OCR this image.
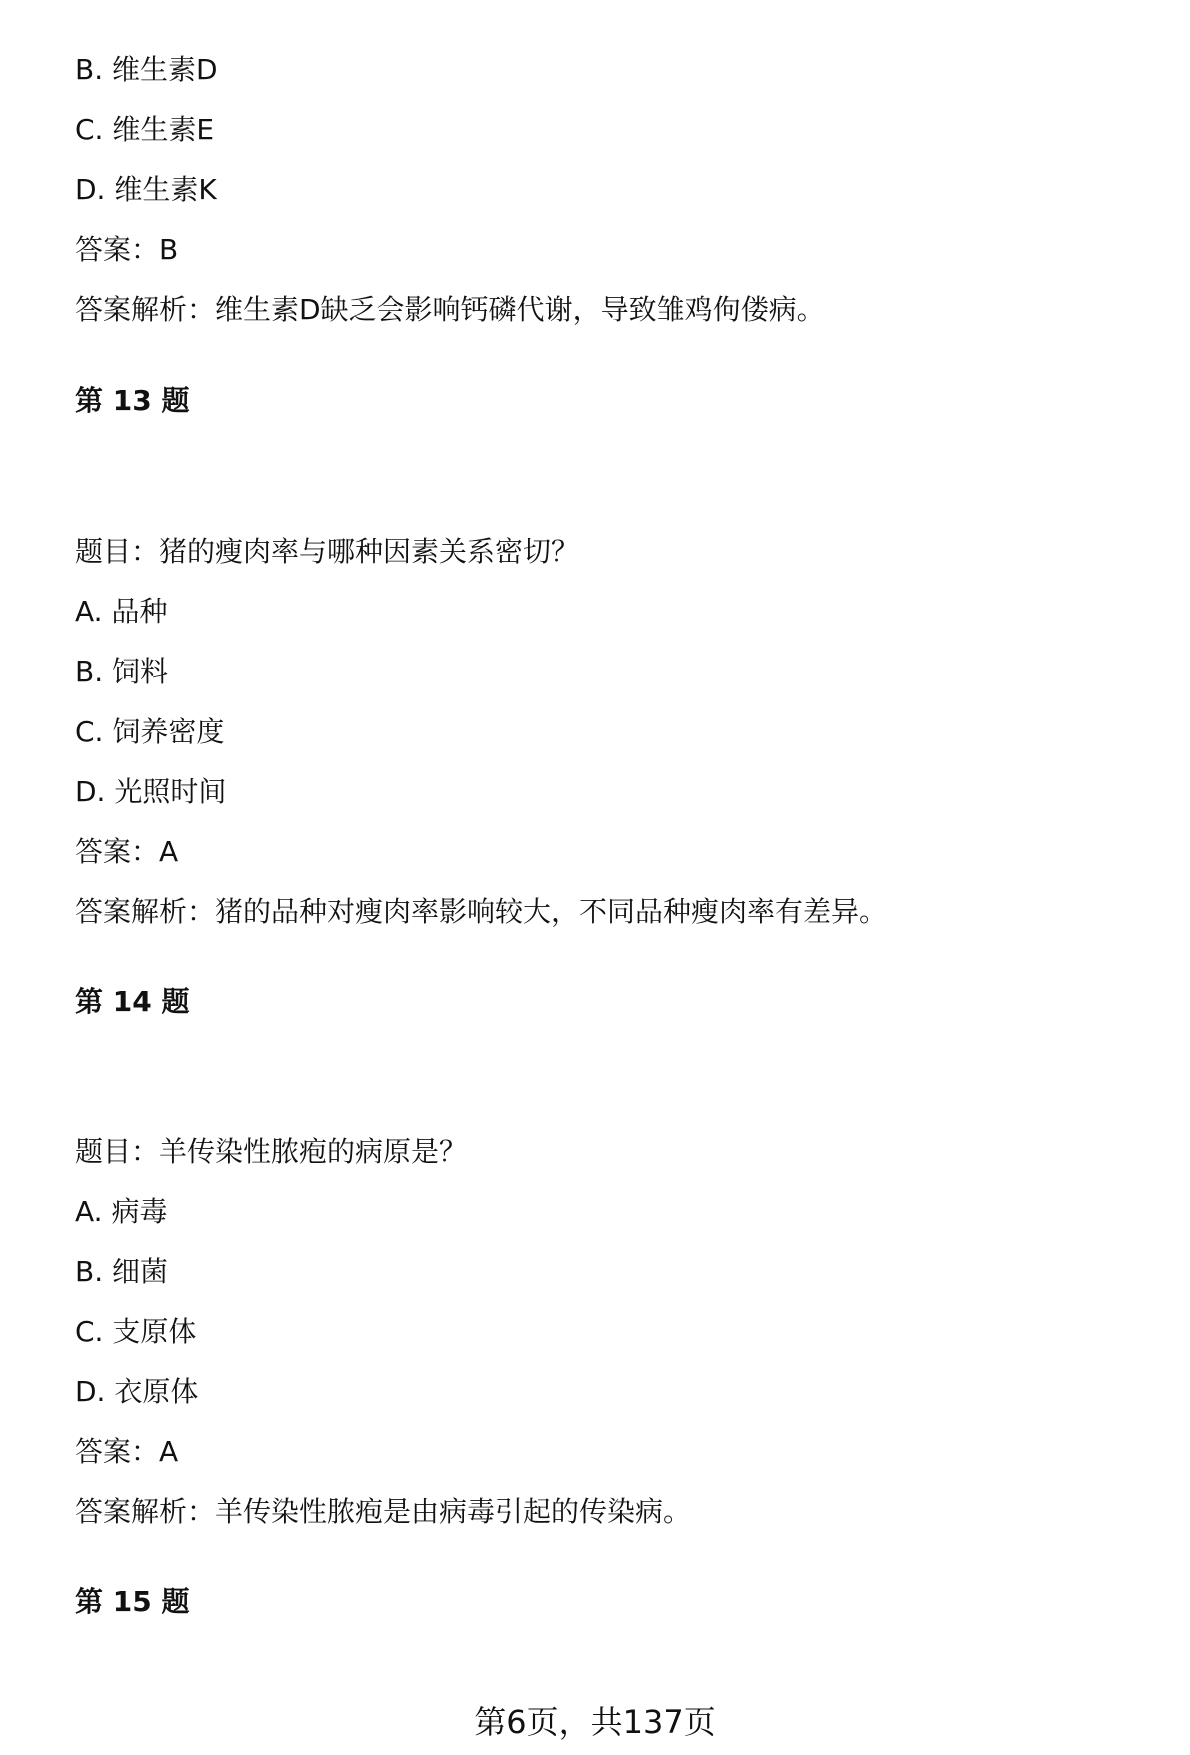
B. 维生素D
C. 维生素E
D. 维生素K
答案：B
答案解析：维生素D缺乏会影响钙磷代谢，导致雏鸡佝偻病。
第 13 题
题目：猪的瘦肉率与哪种因素关系密切？
A. 品种
B. 饲料
C. 饲养密度
D. 光照时间
答案：A
答案解析：猪的品种对瘦肉率影响较大，不同品种瘦肉率有差异。
第 14 题
题目：羊传染性脓疱的病原是？
A. 病毒
B. 细菌
C. 支原体
D. 衣原体
答案：A
答案解析：羊传染性脓疱是由病毒引起的传染病。
第 15 题
第6页，共137页
